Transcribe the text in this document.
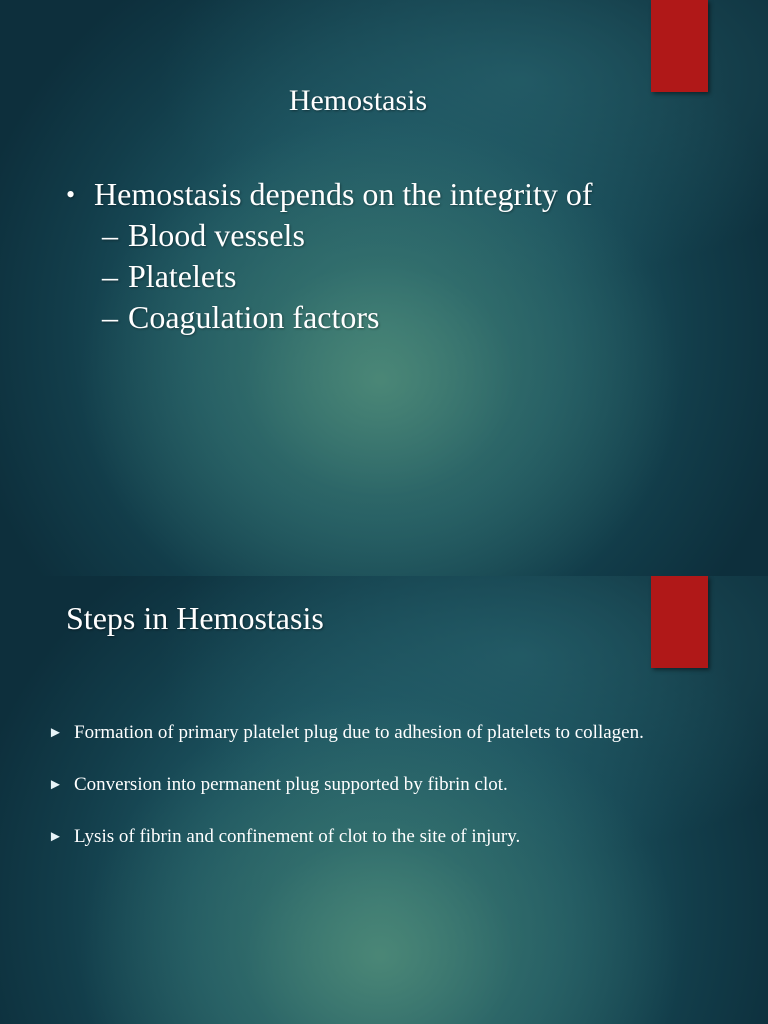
Hemostasis
• Hemostasis depends on the integrity of
– Blood vessels
– Platelets
– Coagulation factors
Steps in Hemostasis
► Formation of primary platelet plug due to adhesion of platelets to collagen.
► Conversion into permanent plug supported by fibrin clot.
► Lysis of fibrin and confinement of clot to the site of injury.
